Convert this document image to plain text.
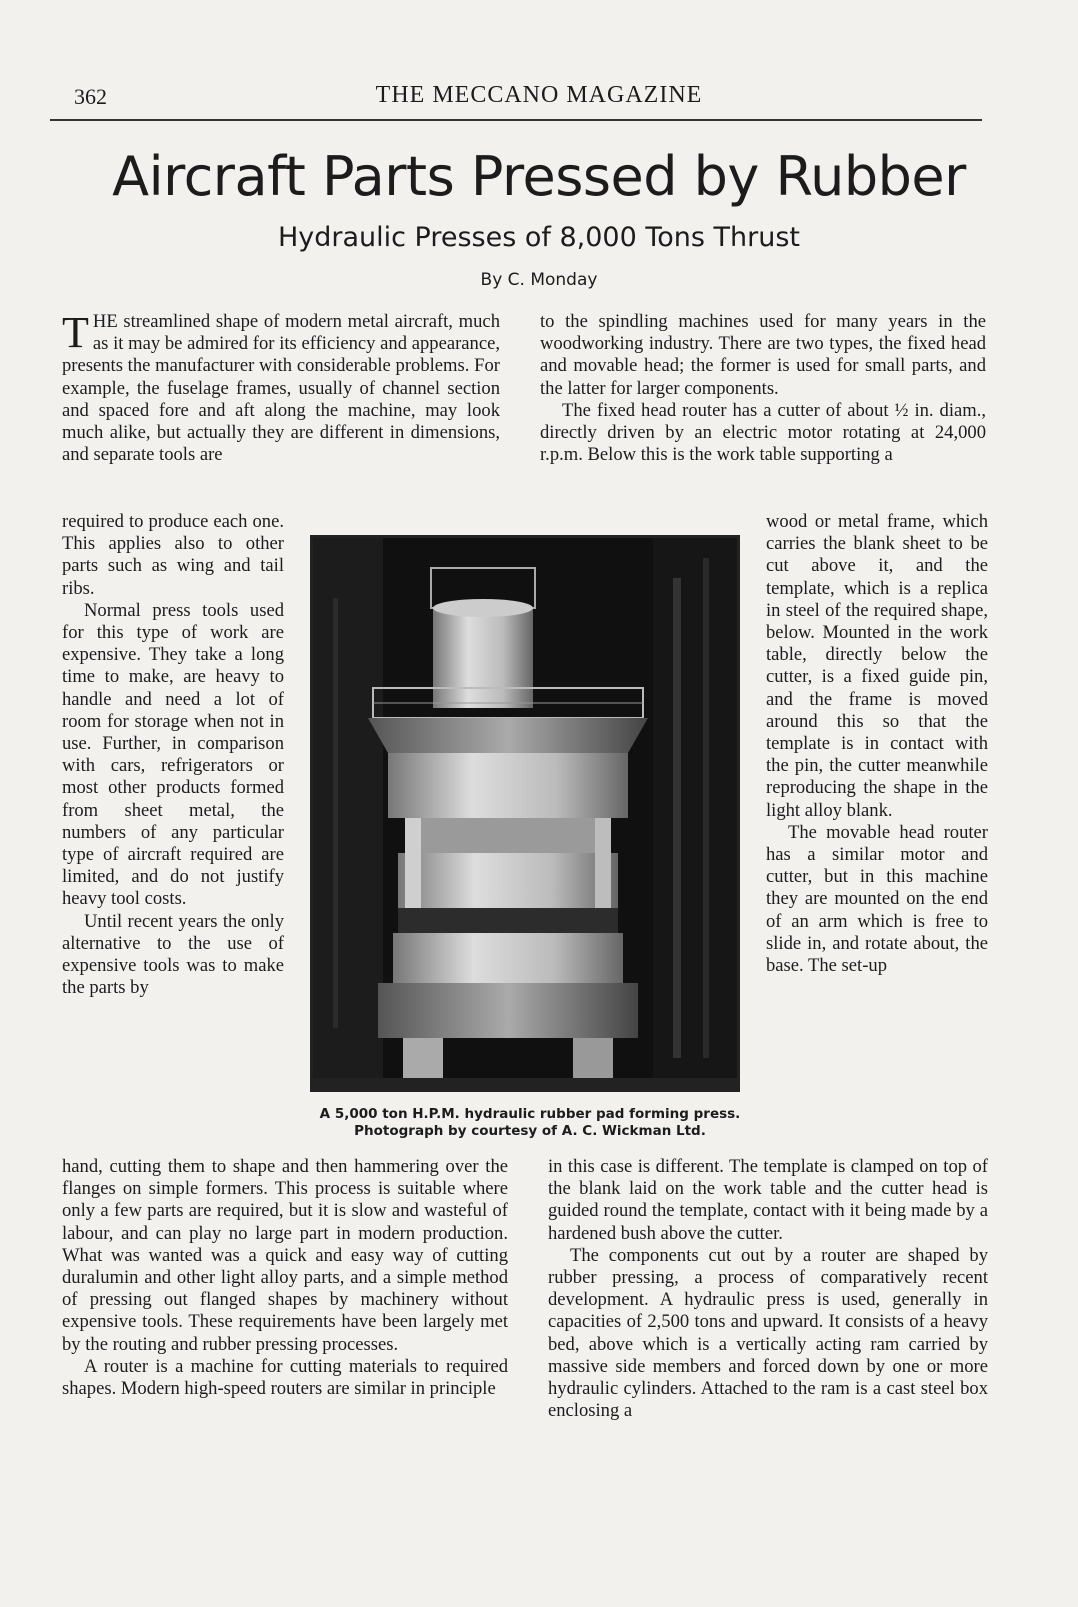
362	THE MECCANO MAGAZINE
Aircraft Parts Pressed by Rubber
Hydraulic Presses of 8,000 Tons Thrust
By C. Monday

THE streamlined shape of modern metal aircraft, much as it may be admired for its efficiency and appearance, presents the manufacturer with considerable problems. For example, the fuselage frames, usually of channel section and spaced fore and aft along the machine, may look much alike, but actually they are different in dimensions, and separate tools are

required to produce each one. This applies also to other parts such as wing and tail ribs.

Normal press tools used for this type of work are expensive. They take a long time to make, are heavy to handle and need a lot of room for storage when not in use. Further, in comparison with cars, refrigerators or most other products formed from sheet metal, the numbers of any particular type of aircraft required are limited, and do not justify heavy tool costs.

Until recent years the only alternative to the use of expensive tools was to make the parts by

to the spindling machines used for many years in the woodworking industry. There are two types, the fixed head and movable head; the former is used for small parts, and the latter for larger components.

The fixed head router has a cutter of about ½ in. diam., directly driven by an electric motor rotating at 24,000 r.p.m. Below this is the work table supporting a

wood or metal frame, which carries the blank sheet to be cut above it, and the template, which is a replica in steel of the required shape, below. Mounted in the work table, directly below the cutter, is a fixed guide pin, and the frame is moved around this so that the template is in contact with the pin, the cutter meanwhile reproducing the shape in the light alloy blank.

The movable head router has a similar motor and cutter, but in this machine they are mounted on the end of an arm which is free to slide in, and rotate about, the base. The set-up

A 5,000 ton H.P.M. hydraulic rubber pad forming press. Photograph by courtesy of A. C. Wickman Ltd.

hand, cutting them to shape and then hammering over the flanges on simple formers. This process is suitable where only a few parts are required, but it is slow and wasteful of labour, and can play no large part in modern production. What was wanted was a quick and easy way of cutting duralumin and other light alloy parts, and a simple method of pressing out flanged shapes by machinery without expensive tools. These requirements have been largely met by the routing and rubber pressing processes.

A router is a machine for cutting materials to required shapes. Modern high-speed routers are similar in principle

in this case is different. The template is clamped on top of the blank laid on the work table and the cutter head is guided round the template, contact with it being made by a hardened bush above the cutter.

The components cut out by a router are shaped by rubber pressing, a process of comparatively recent development. A hydraulic press is used, generally in capacities of 2,500 tons and upward. It consists of a heavy bed, above which is a vertically acting ram carried by massive side members and forced down by one or more hydraulic cylinders. Attached to the ram is a cast steel box enclosing a
